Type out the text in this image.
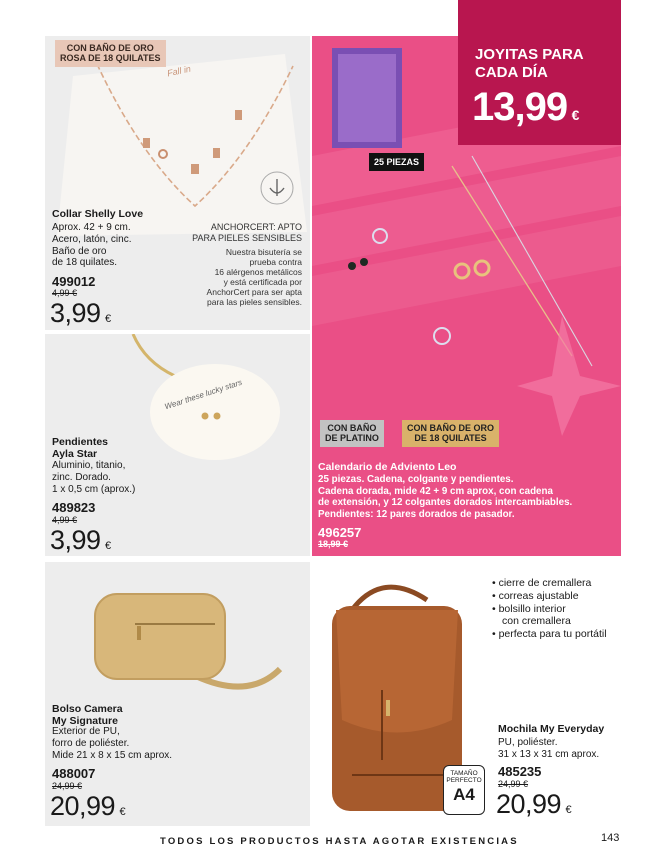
Fall in
CON BAÑO DE ORO
ROSA DE 18 QUILATES
Collar Shelly Love
Aprox. 42 + 9 cm.
Acero, latón, cinc.
Baño de oro
de 18 quilates.
499012
4,99 €
3,99 €
ANCHORCERT: APTO
PARA PIELES SENSIBLES
Nuestra bisutería se
prueba contra
16 alérgenos metálicos
y está certificada por
AnchorCert para ser apta
para las pieles sensibles.
Wear these lucky stars
Pendientes
Ayla Star
Aluminio, titanio,
zinc. Dorado.
1 x 0,5 cm (aprox.)
489823
4,99 €
3,99 €
25 PIEZAS
CON BAÑO
DE PLATINO
CON BAÑO DE ORO
DE 18 QUILATES
Calendario de Adviento Leo
25 piezas. Cadena, colgante y pendientes.
Cadena dorada, mide 42 + 9 cm aprox, con cadena
de extensión, y 12 colgantes dorados intercambiables.
Pendientes: 12 pares dorados de pasador.
496257
18,99 €
JOYITAS PARA
CADA DÍA
13,99 €
Bolso Camera
My Signature
Exterior de PU,
forro de poliéster.
Mide 21 x 8 x 15 cm aprox.
488007
24,99 €
20,99 €
• cierre de cremallera
• correas ajustable
• bolsillo interior
con cremallera
• perfecta para tu portátil
Mochila My Everyday
PU, poliéster.
31 x 13 x 31 cm aprox.
485235
24,99 €
20,99 €
TAMAÑO
PERFECTO
A4
TODOS LOS PRODUCTOS HASTA AGOTAR EXISTENCIAS	143
